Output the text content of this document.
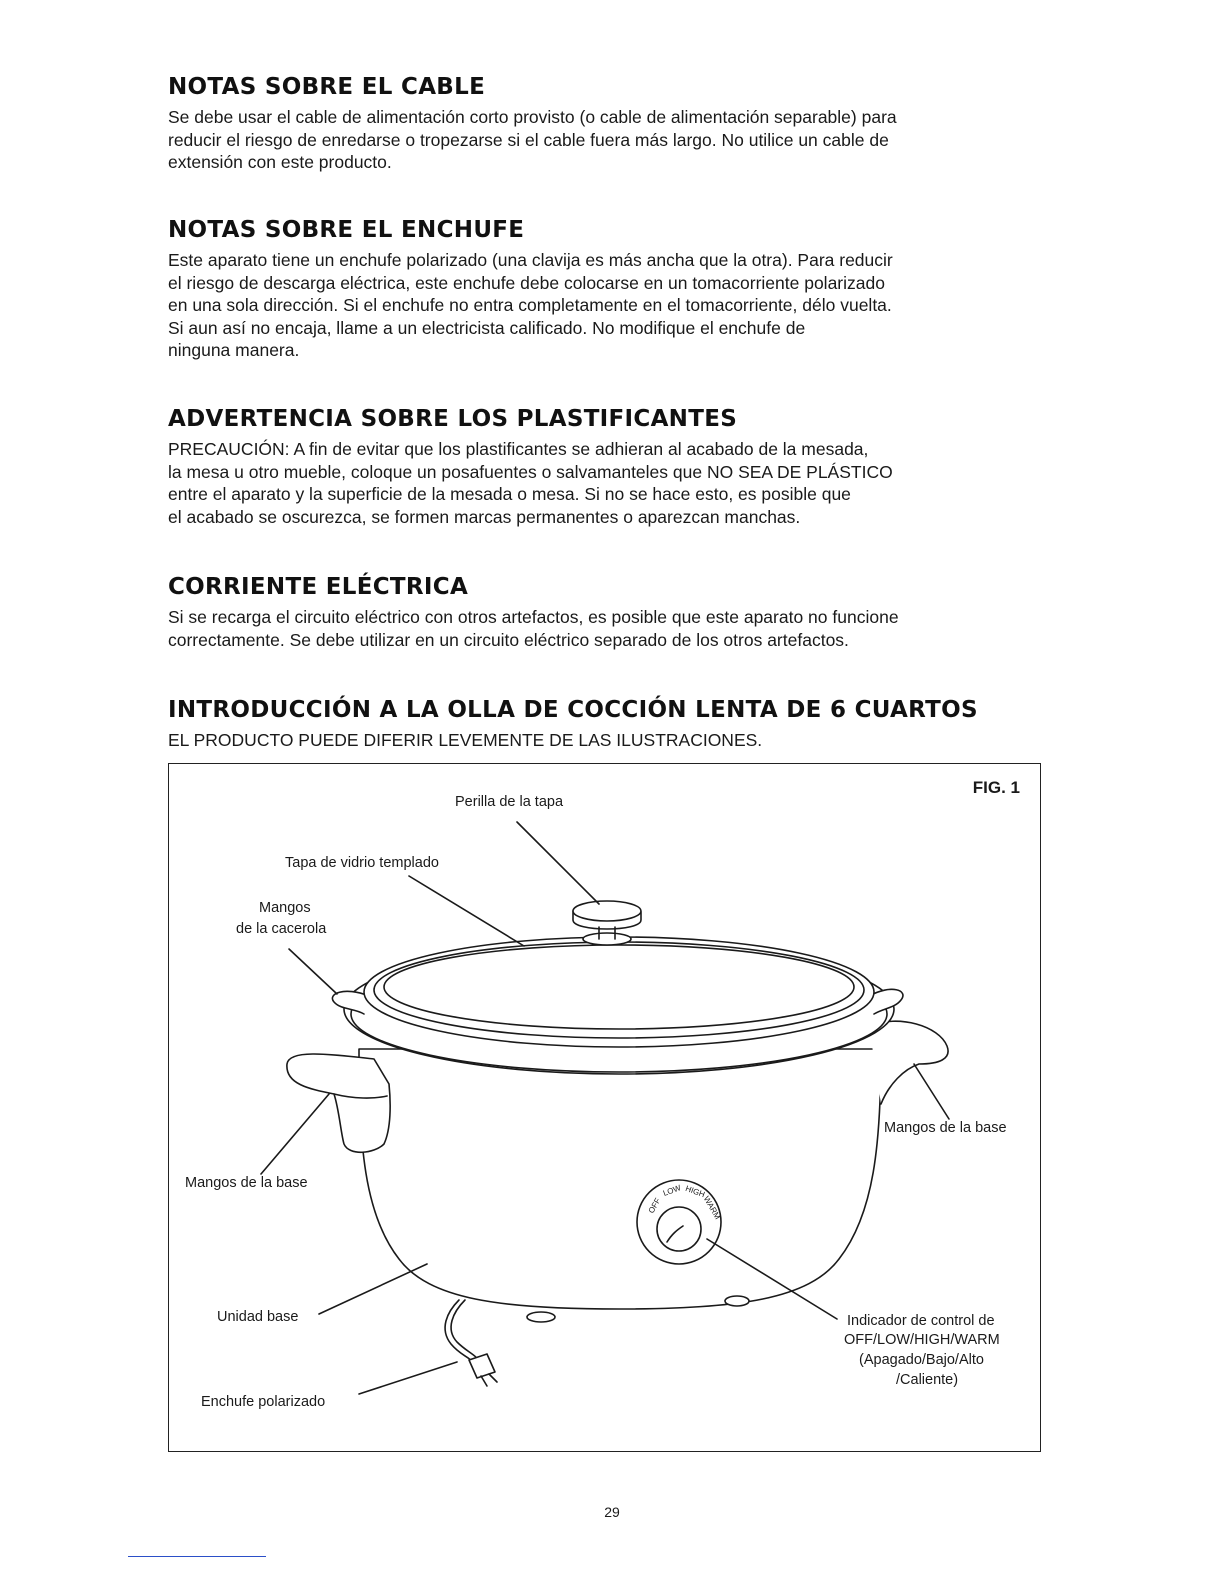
NOTAS SOBRE EL CABLE

Se debe usar el cable de alimentación corto provisto (o cable de alimentación separable) para
reducir el riesgo de enredarse o tropezarse si el cable fuera más largo. No utilice un cable de
extensión con este producto.

NOTAS SOBRE EL ENCHUFE

Este aparato tiene un enchufe polarizado (una clavija es más ancha que la otra). Para reducir
el riesgo de descarga eléctrica, este enchufe debe colocarse en un tomacorriente polarizado
en una sola dirección. Si el enchufe no entra completamente en el tomacorriente, délo vuelta.
Si aun así no encaja, llame a un electricista calificado. No modifique el enchufe de
ninguna manera.

ADVERTENCIA SOBRE LOS PLASTIFICANTES

PRECAUCIÓN: A fin de evitar que los plastificantes se adhieran al acabado de la mesada,
la mesa u otro mueble, coloque un posafuentes o salvamanteles que NO SEA DE PLÁSTICO
entre el aparato y la superficie de la mesada o mesa. Si no se hace esto, es posible que
el acabado se oscurezca, se formen marcas permanentes o aparezcan manchas.

CORRIENTE ELÉCTRICA

Si se recarga el circuito eléctrico con otros artefactos, es posible que este aparato no funcione
correctamente. Se debe utilizar en un circuito eléctrico separado de los otros artefactos.

INTRODUCCIÓN A LA OLLA DE COCCIÓN LENTA DE 6 CUARTOS

EL PRODUCTO PUEDE DIFERIR LEVEMENTE DE LAS ILUSTRACIONES.

OFF
LOW HIGH
WARM
FIG. 1
Perilla de la tapa
Tapa de vidrio templado
Mangos
de la cacerola
Mangos de la base
Mangos de la base
Unidad base
Enchufe polarizado
Indicador de control de
OFF/LOW/HIGH/WARM
(Apagado/Bajo/Alto
/Caliente)
29
